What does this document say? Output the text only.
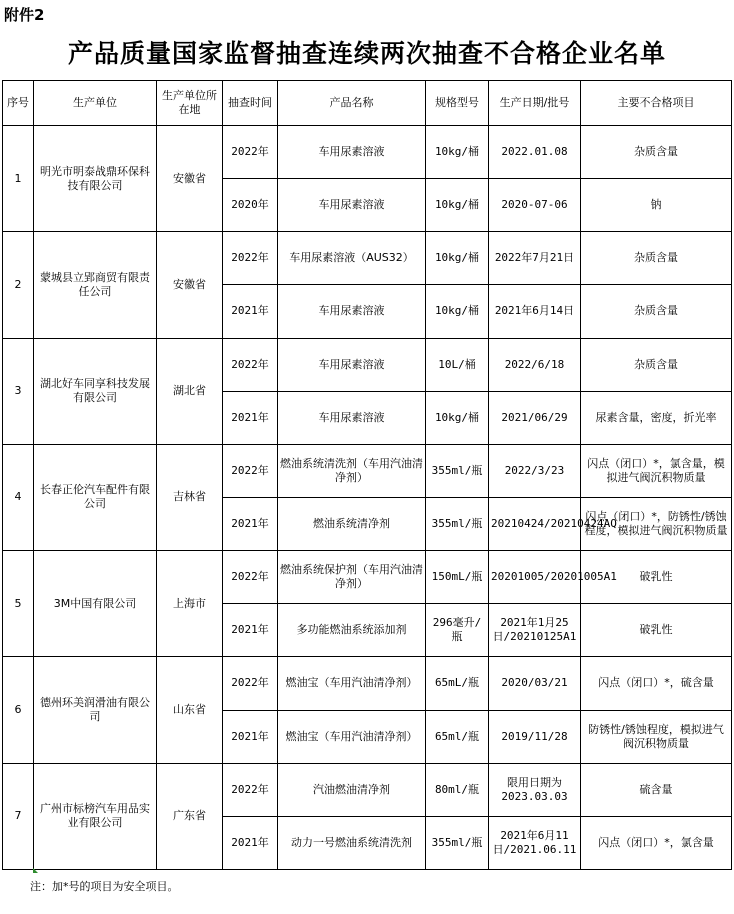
附件2
产品质量国家监督抽查连续两次抽查不合格企业名单
序号	生产单位	生产单位所在地	抽查时间	产品名称	规格型号	生产日期/批号	主要不合格项目
1	明光市明泰战鼎环保科技有限公司	安徽省	2022年	车用尿素溶液	10kg/桶	2022.01.08	杂质含量
			2020年	车用尿素溶液	10kg/桶	2020-07-06	钠
2	蒙城县立郢商贸有限责任公司	安徽省	2022年	车用尿素溶液（AUS32）	10kg/桶	2022年7月21日	杂质含量
			2021年	车用尿素溶液	10kg/桶	2021年6月14日	杂质含量
3	湖北好车同享科技发展有限公司	湖北省	2022年	车用尿素溶液	10L/桶	2022/6/18	杂质含量
			2021年	车用尿素溶液	10kg/桶	2021/06/29	尿素含量，密度，折光率
4	长春正伦汽车配件有限公司	吉林省	2022年	燃油系统清洗剂（车用汽油清净剂）	355ml/瓶	2022/3/23	闪点（闭口）*，氯含量，模拟进气阀沉积物质量
			2021年	燃油系统清净剂	355ml/瓶	20210424/20210424AQ	闪点（闭口）*，防锈性/锈蚀程度，模拟进气阀沉积物质量
5	3M中国有限公司	上海市	2022年	燃油系统保护剂（车用汽油清净剂）	150mL/瓶	20201005/20201005A1	破乳性
			2021年	多功能燃油系统添加剂	296毫升/瓶	2021年1月25日/20210125A1	破乳性
6	德州环美润滑油有限公司	山东省	2022年	燃油宝（车用汽油清净剂）	65mL/瓶	2020/03/21	闪点（闭口）*，硫含量
			2021年	燃油宝（车用汽油清净剂）	65ml/瓶	2019/11/28	防锈性/锈蚀程度，模拟进气阀沉积物质量
7	广州市标榜汽车用品实业有限公司	广东省	2022年	汽油燃油清净剂	80ml/瓶	限用日期为2023.03.03	硫含量
			2021年	动力一号燃油系统清洗剂	355ml/瓶	2021年6月11日/2021.06.11	闪点（闭口）*，氯含量
注：加*号的项目为安全项目。
